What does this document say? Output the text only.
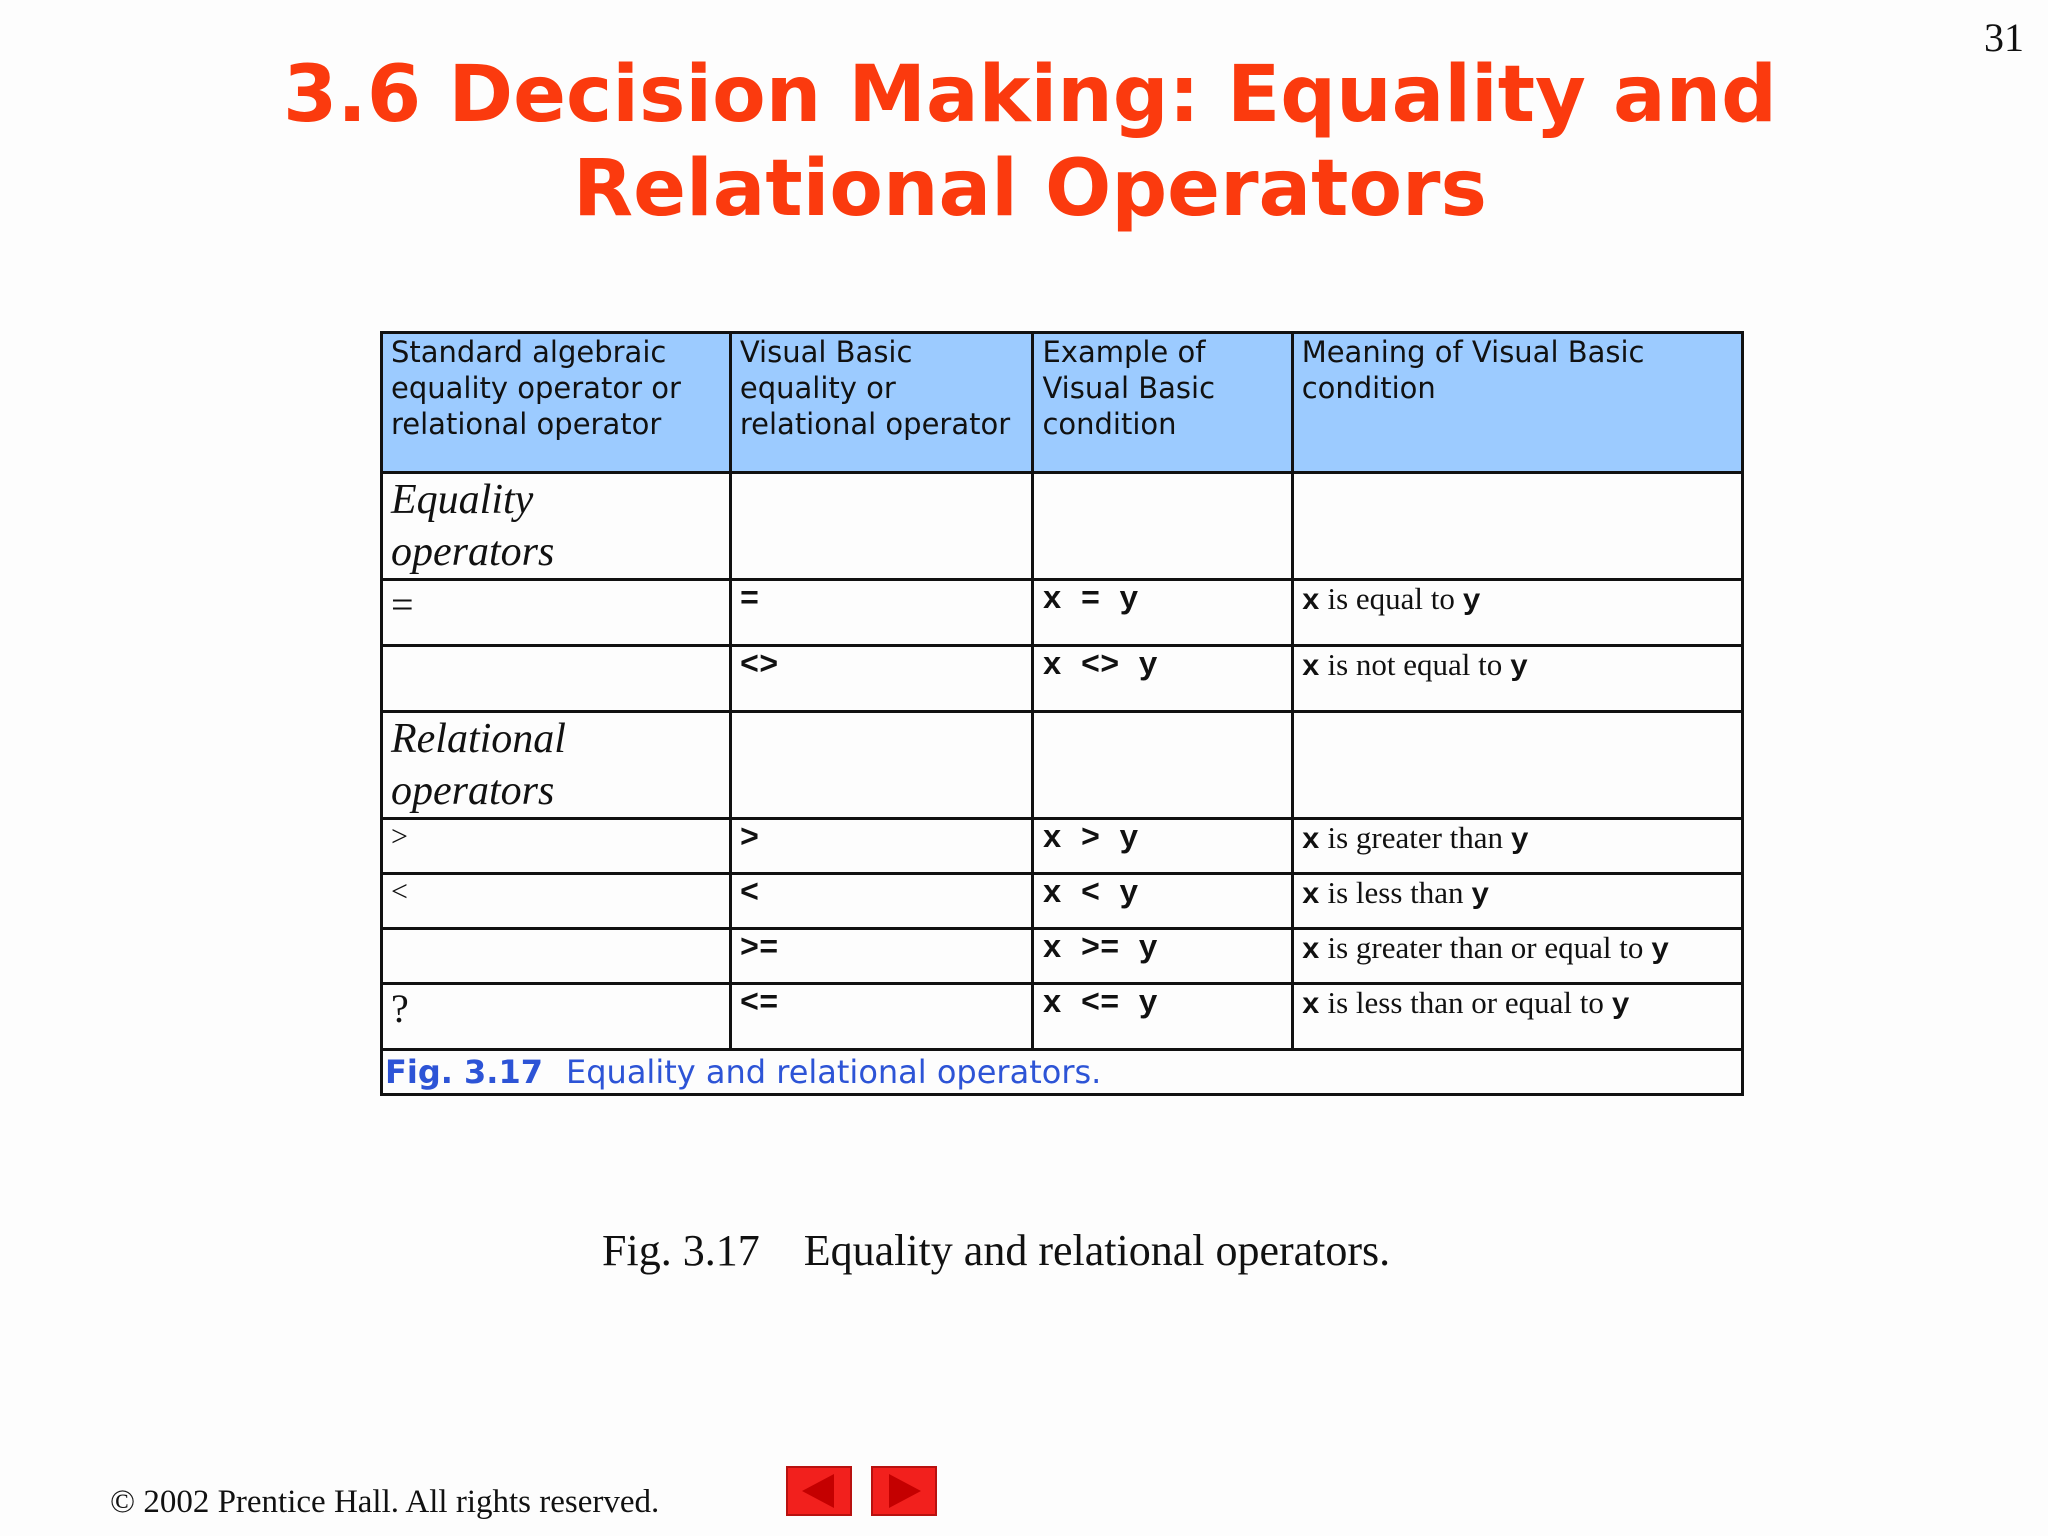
31
3.6 Decision Making: Equality and
Relational Operators
Standard algebraic equality operator or relational operator	Visual Basic equality or relational operator	Example of Visual Basic condition	Meaning of Visual Basic condition

Equality operators			

=	=	x = y	x is equal to y
	<>	x <> y	x is not equal to y

Relational operators			

>	>	x > y	x is greater than y
<	<	x < y	x is less than y
	>=	x >= y	x is greater than or equal to y
?	<=	x <= y	x is less than or equal to y

Fig. 3.17 Equality and relational operators.			
Fig. 3.17 Equality and relational operators.
© 2002 Prentice Hall. All rights reserved.
